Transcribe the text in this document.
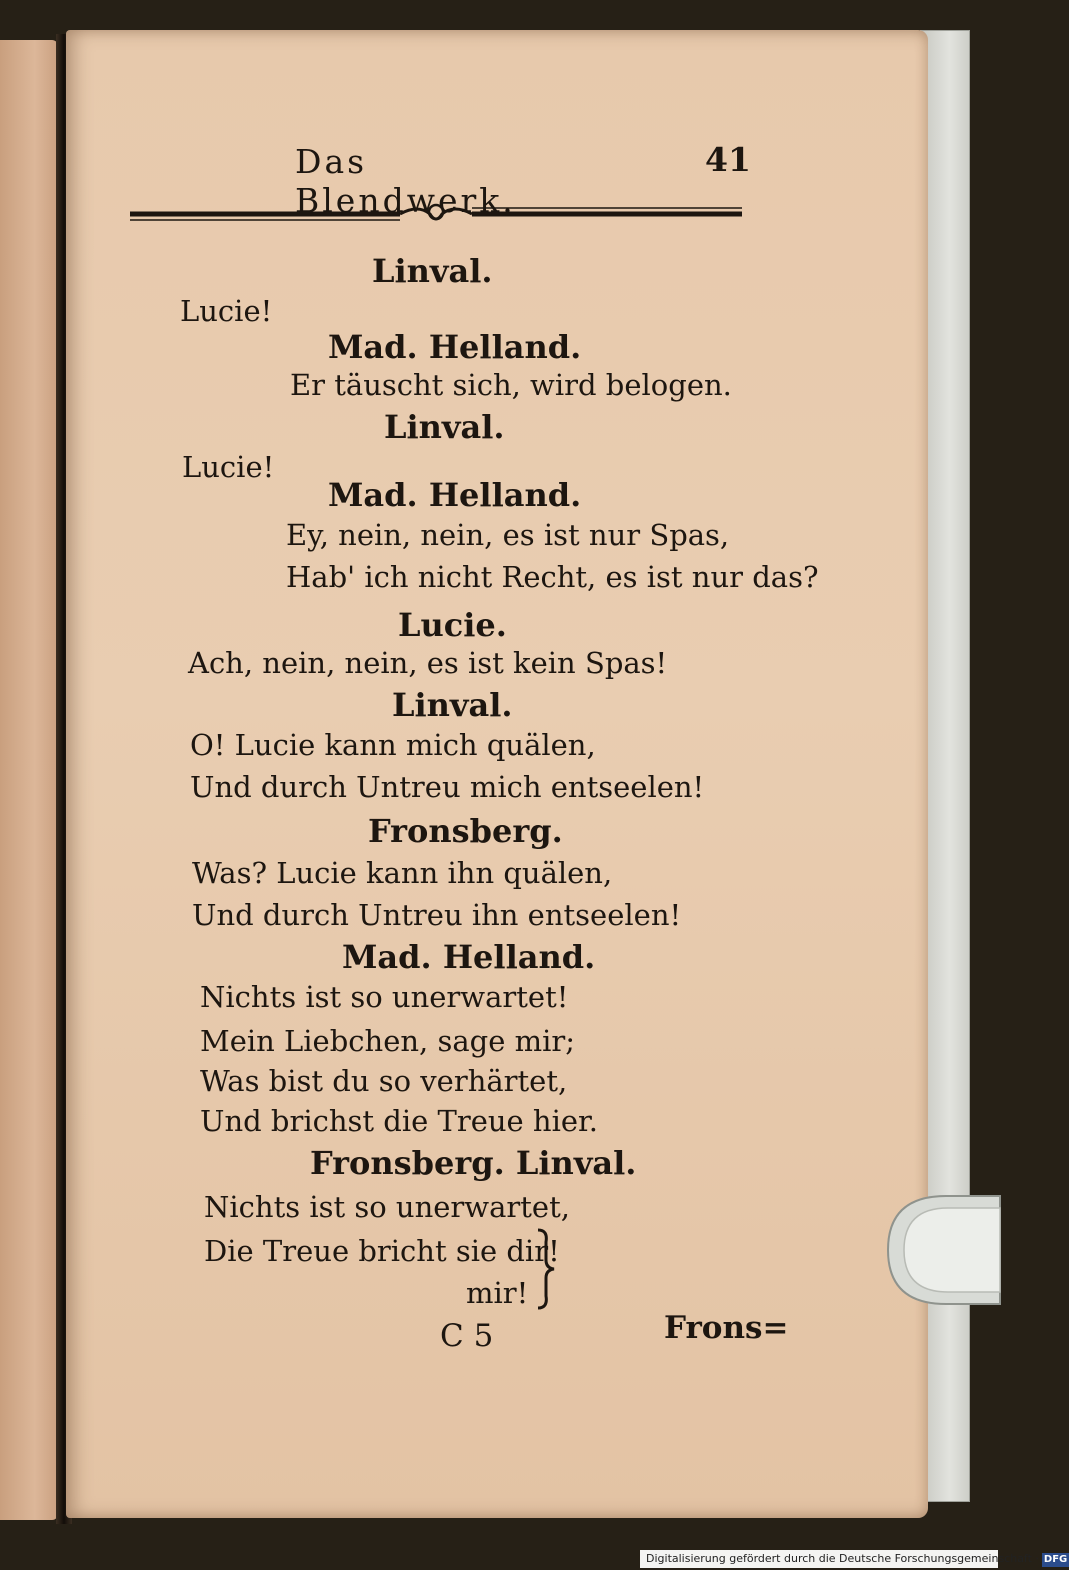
Das Blendwerk.
41
Linval.
Lucie!
Mad. Helland.
Er täuscht sich, wird belogen.
Linval.
Lucie!
Mad. Helland.
Ey, nein, nein, es ist nur Spas,
Hab' ich nicht Recht, es ist nur das?
Lucie.
Ach, nein, nein, es ist kein Spas!
Linval.
O! Lucie kann mich quälen,
Und durch Untreu mich entseelen!
Fronsberg.
Was? Lucie kann ihn quälen,
Und durch Untreu ihn entseelen!
Mad. Helland.
Nichts ist so unerwartet!
Mein Liebchen, sage mir;
Was bist du so verhärtet,
Und brichst die Treue hier.
Fronsberg. Linval.
Nichts ist so unerwartet,
Die Treue bricht sie dir!
mir!
C 5	Frons=
Digitalisierung gefördert durch die Deutsche Forschungsgemeinschaft · DFG
